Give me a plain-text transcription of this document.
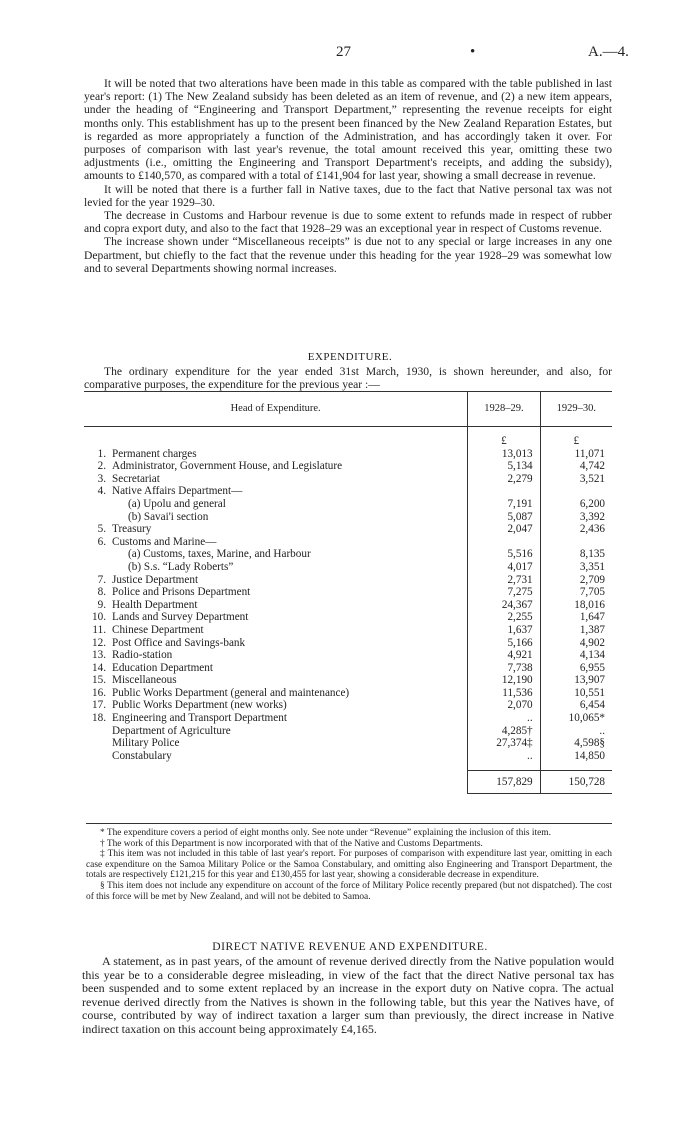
27	•	A.—4.

It will be noted that two alterations have been made in this table as compared with the table published in last year's report: (1) The New Zealand subsidy has been deleted as an item of revenue, and (2) a new item appears, under the heading of “Engineering and Transport Department,” representing the revenue receipts for eight months only. This establishment has up to the present been financed by the New Zealand Reparation Estates, but is regarded as more appropriately a function of the Administration, and has accordingly taken it over. For purposes of comparison with last year's revenue, the total amount received this year, omitting these two adjustments (i.e., omitting the Engineering and Transport Department's receipts, and adding the subsidy), amounts to £140,570, as compared with a total of £141,904 for last year, showing a small decrease in revenue.

It will be noted that there is a further fall in Native taxes, due to the fact that Native personal tax was not levied for the year 1929–30.

The decrease in Customs and Harbour revenue is due to some extent to refunds made in respect of rubber and copra export duty, and also to the fact that 1928–29 was an exceptional year in respect of Customs revenue.

The increase shown under “Miscellaneous receipts” is due not to any special or large increases in any one Department, but chiefly to the fact that the revenue under this heading for the year 1928–29 was somewhat low and to several Departments showing normal increases.

EXPENDITURE.

The ordinary expenditure for the year ended 31st March, 1930, is shown hereunder, and also, for comparative purposes, the expenditure for the previous year :—

Head of Expenditure.	1928–29.	1929–30.

	£	£
1. Permanent charges	13,013	11,071
2. Administrator, Government House, and Legislature	5,134	4,742
3. Secretariat	2,279	3,521
4. Native Affairs Department—		
(a) Upolu and general	7,191	6,200
(b) Savai'i section	5,087	3,392
5. Treasury	2,047	2,436
6. Customs and Marine—		
(a) Customs, taxes, Marine, and Harbour	5,516	8,135
(b) S.s. “Lady Roberts”	4,017	3,351
7. Justice Department	2,731	2,709
8. Police and Prisons Department	7,275	7,705
9. Health Department	24,367	18,016
10. Lands and Survey Department	2,255	1,647
11. Chinese Department	1,637	1,387
12. Post Office and Savings-bank	5,166	4,902
13. Radio-station	4,921	4,134
14. Education Department	7,738	6,955
15. Miscellaneous	12,190	13,907
16. Public Works Department (general and maintenance)	11,536	10,551
17. Public Works Department (new works)	2,070	6,454
18. Engineering and Transport Department	..	10,065*
Department of Agriculture	4,285†	..
Military Police	27,374‡	4,598§
Constabulary	..	14,850

	157,829	150,728

* The expenditure covers a period of eight months only. See note under “Revenue” explaining the inclusion of this item.

† The work of this Department is now incorporated with that of the Native and Customs Departments.

‡ This item was not included in this table of last year's report. For purposes of comparison with expenditure last year, omitting in each case expenditure on the Samoa Military Police or the Samoa Constabulary, and omitting also Engineering and Transport Department, the totals are respectively £121,215 for this year and £130,455 for last year, showing a considerable decrease in expenditure.

§ This item does not include any expenditure on account of the force of Military Police recently prepared (but not dispatched). The cost of this force will be met by New Zealand, and will not be debited to Samoa.

DIRECT NATIVE REVENUE AND EXPENDITURE.

A statement, as in past years, of the amount of revenue derived directly from the Native population would this year be to a considerable degree misleading, in view of the fact that the direct Native personal tax has been suspended and to some extent replaced by an increase in the export duty on Native copra. The actual revenue derived directly from the Natives is shown in the following table, but this year the Natives have, of course, contributed by way of indirect taxation a larger sum than previously, the direct increase in Native indirect taxation on this account being approximately £4,165.
